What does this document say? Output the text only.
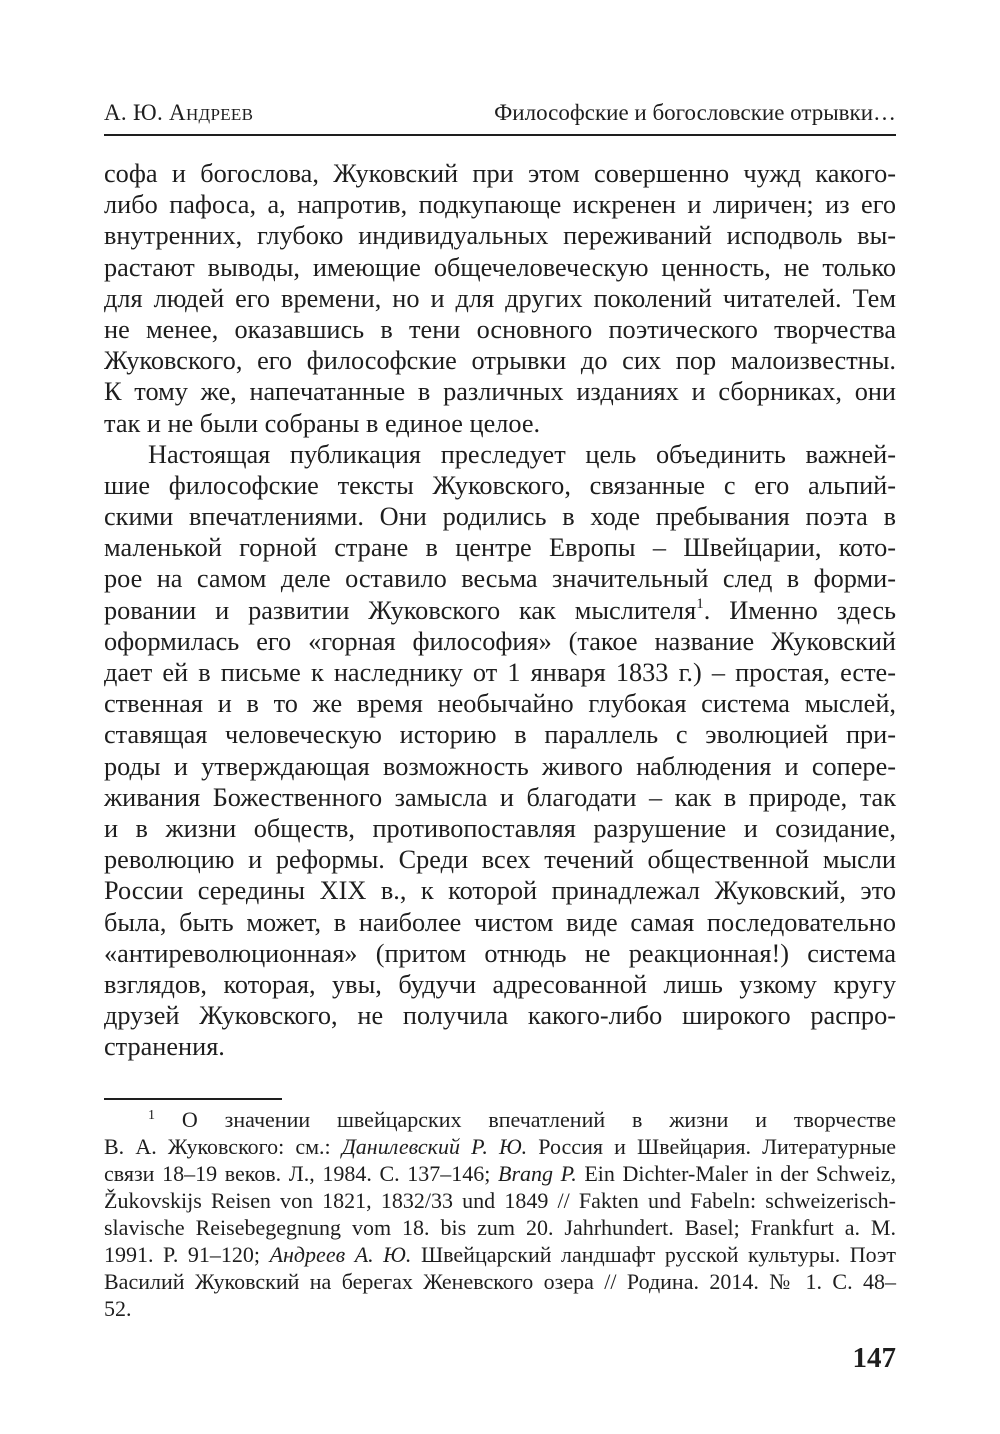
А. Ю. АНДРЕЕВ	Философские и богословские отрывки…
софа и богослова, Жуковский при этом совершенно чужд какого-
либо пафоса, а, напротив, подкупающе искренен и лиричен; из его
внутренних, глубоко индивидуальных переживаний исподволь вы-
растают выводы, имеющие общечеловеческую ценность, не только
для людей его времени, но и для других поколений читателей. Тем
не менее, оказавшись в тени основного поэтического творчества
Жуковского, его философские отрывки до сих пор малоизвестны.
К тому же, напечатанные в различных изданиях и сборниках, они
так и не были собраны в единое целое.
Настоящая публикация преследует цель объединить важней-
шие философские тексты Жуковского, связанные с его альпий-
скими впечатлениями. Они родились в ходе пребывания поэта в
маленькой горной стране в центре Европы – Швейцарии, кото-
рое на самом деле оставило весьма значительный след в форми-
ровании и развитии Жуковского как мыслителя$^1$. Именно здесь
оформилась его «горная философия» (такое название Жуковский
дает ей в письме к наследнику от 1 января 1833 г.) – простая, есте-
ственная и в то же время необычайно глубокая система мыслей,
ставящая человеческую историю в параллель с эволюцией при-
роды и утверждающая возможность живого наблюдения и сопере-
живания Божественного замысла и благодати – как в природе, так
и в жизни обществ, противопоставляя разрушение и созидание,
революцию и реформы. Среди всех течений общественной мысли
России середины XIX в., к которой принадлежал Жуковский, это
была, быть может, в наиболее чистом виде самая последовательно
«антиреволюционная» (притом отнюдь не реакционная!) система
взглядов, которая, увы, будучи адресованной лишь узкому кругу
друзей Жуковского, не получила какого-либо широкого распро-
странения.
$^1$ О значении швейцарских впечатлений в жизни и творчестве
В. А. Жуковского: см.: Данилевский Р. Ю. Россия и Швейцария. Литературные
связи 18–19 веков. Л., 1984. С. 137–146; Brang P. Ein Dichter-Maler in der Schweiz,
Žukovskijs Reisen von 1821, 1832/33 und 1849 // Fakten und Fabeln: schweizerisch-
slavische Reisebegegnung vom 18. bis zum 20. Jahrhundert. Basel; Frankfurt a. M.
1991. P. 91–120; Андреев А. Ю. Швейцарский ландшафт русской культуры. Поэт
Василий Жуковский на берегах Женевского озера // Родина. 2014. № 1. С. 48–
52.
147
